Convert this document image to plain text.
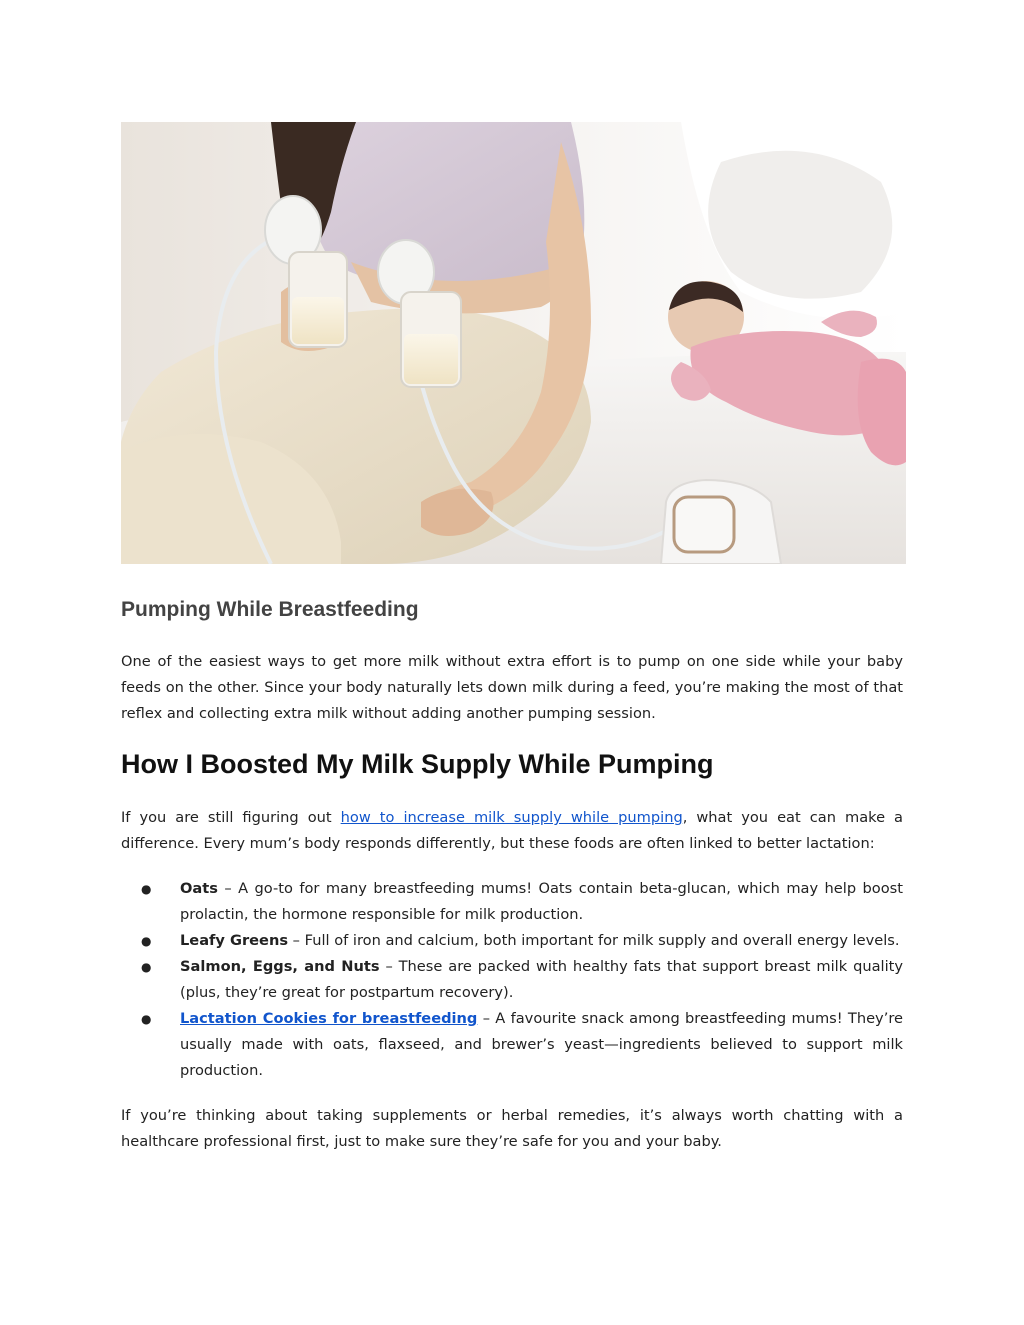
Pumping While Breastfeeding

One of the easiest ways to get more milk without extra effort is to pump on one side while your baby feeds on the other. Since your body naturally lets down milk during a feed, you’re making the most of that reflex and collecting extra milk without adding another pumping session.

How I Boosted My Milk Supply While Pumping

If you are still figuring out how to increase milk supply while pumping, what you eat can make a difference. Every mum’s body responds differently, but these foods are often linked to better lactation:

● Oats – A go-to for many breastfeeding mums! Oats contain beta-glucan, which may help boost prolactin, the hormone responsible for milk production.
● Leafy Greens – Full of iron and calcium, both important for milk supply and overall energy levels.
● Salmon, Eggs, and Nuts – These are packed with healthy fats that support breast milk quality (plus, they’re great for postpartum recovery).
● Lactation Cookies for breastfeeding – A favourite snack among breastfeeding mums! They’re usually made with oats, flaxseed, and brewer’s yeast—ingredients believed to support milk production.

If you’re thinking about taking supplements or herbal remedies, it’s always worth chatting with a healthcare professional first, just to make sure they’re safe for you and your baby.
